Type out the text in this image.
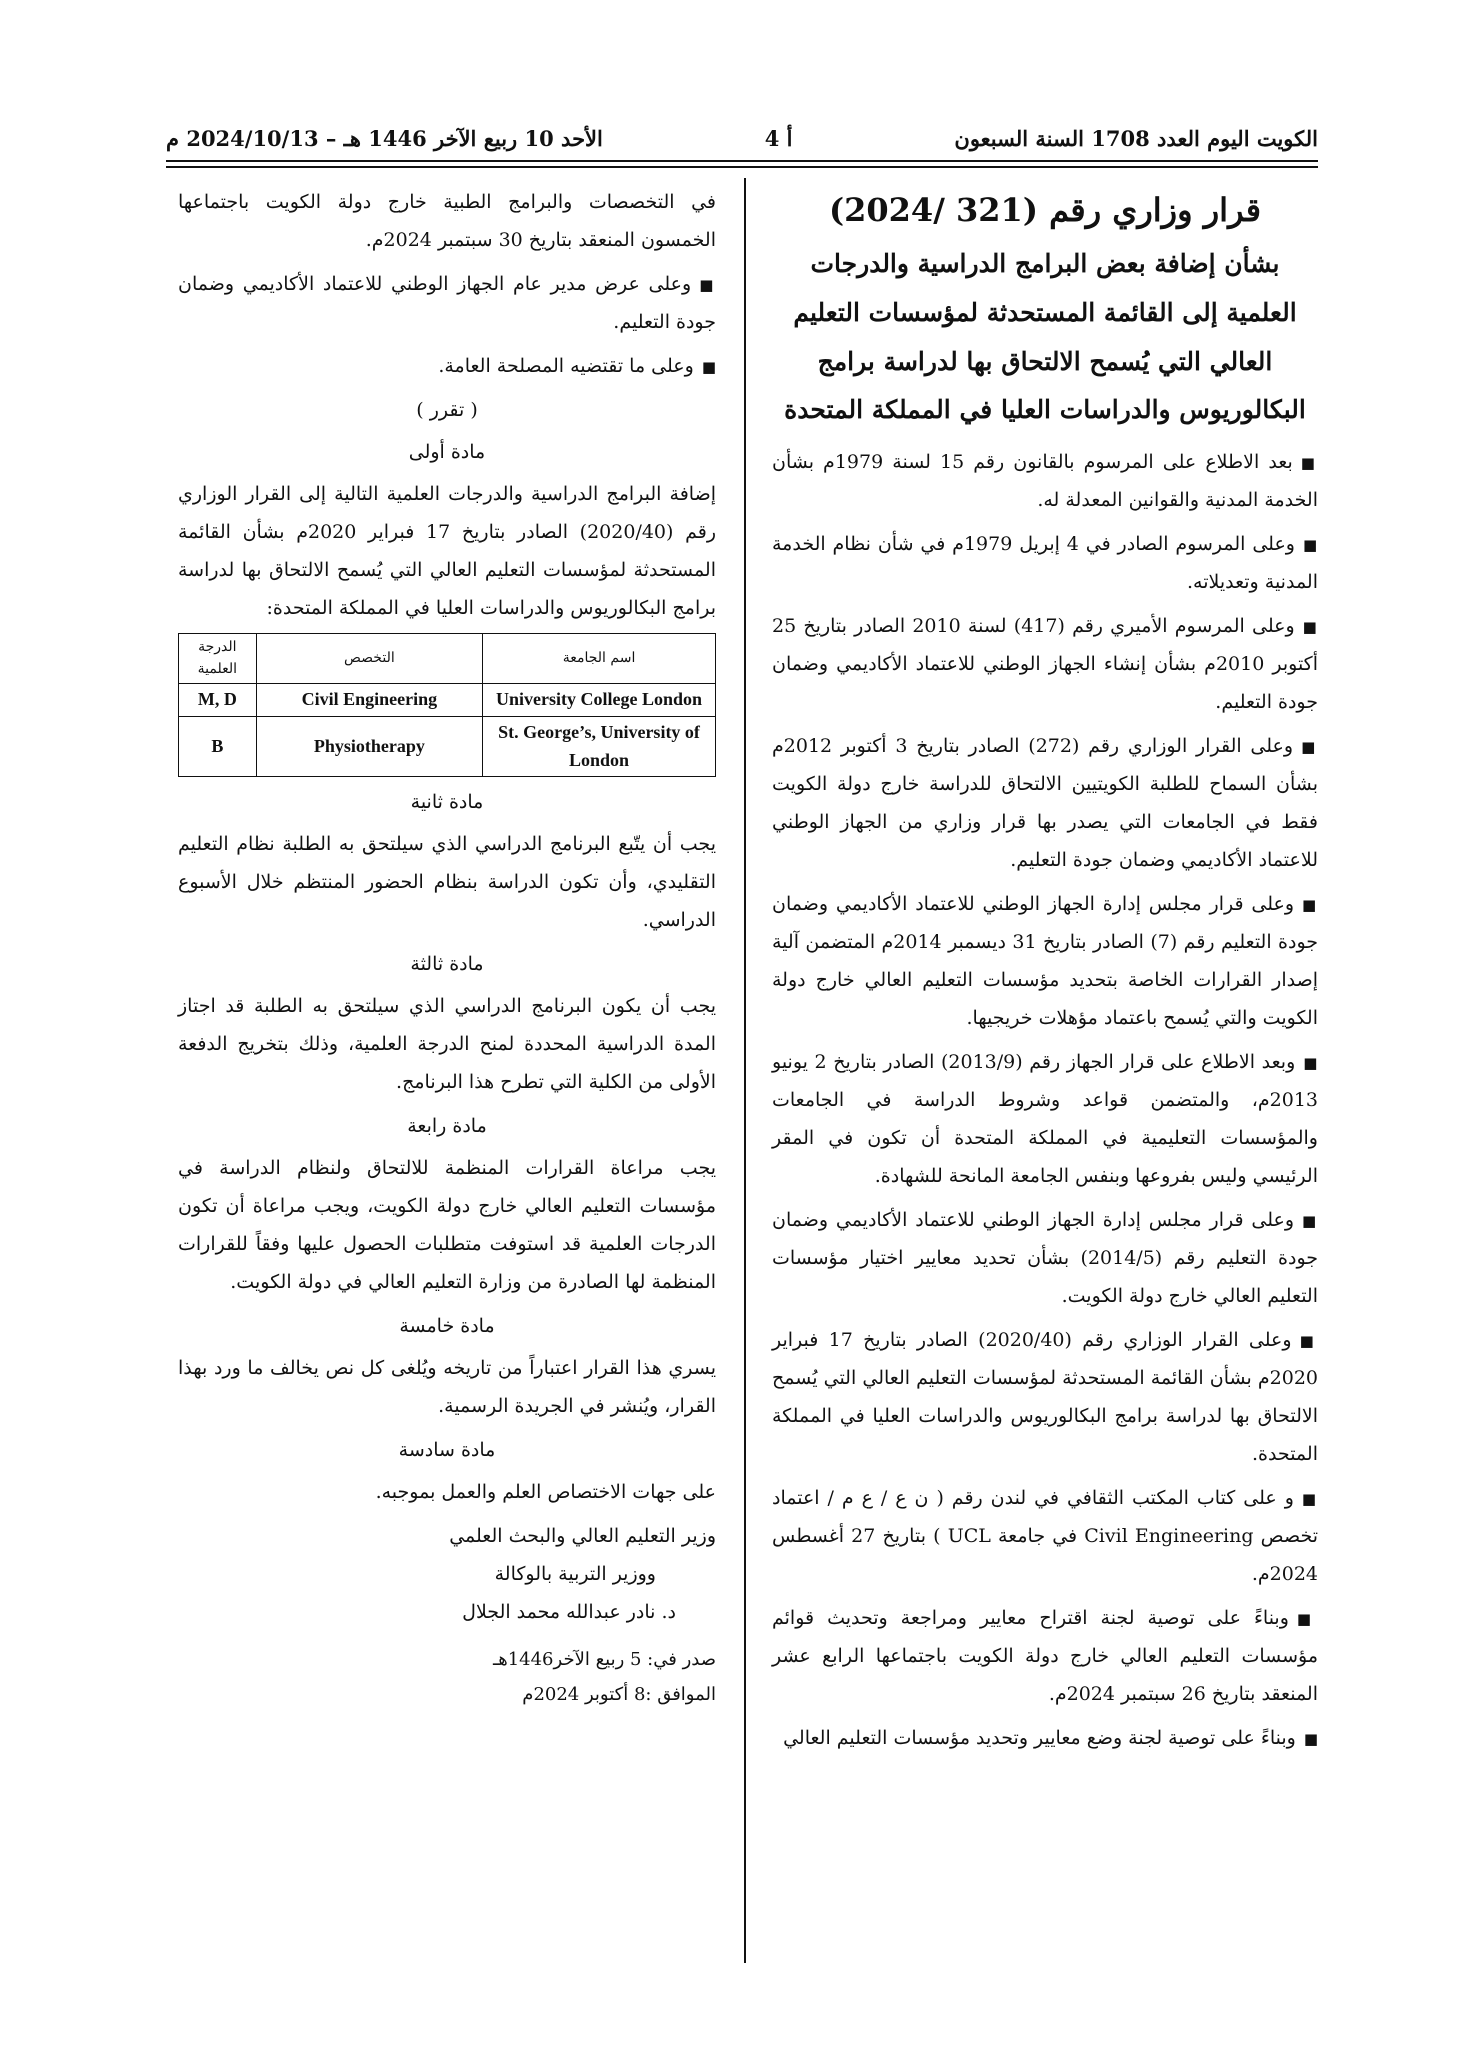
الكويت اليوم العدد 1708 السنة السبعون
أ 4
الأحد 10 ربيع الآخر 1446 هـ – 2024/10/13 م
قرار وزاري رقم (321 /2024)
بشأن إضافة بعض البرامج الدراسية والدرجات العلمية إلى القائمة المستحدثة لمؤسسات التعليم العالي التي يُسمح الالتحاق بها لدراسة برامج البكالوريوس والدراسات العليا في المملكة المتحدة

■بعد الاطلاع على المرسوم بالقانون رقم 15 لسنة 1979م بشأن الخدمة المدنية والقوانين المعدلة له.

■وعلى المرسوم الصادر في 4 إبريل 1979م في شأن نظام الخدمة المدنية وتعديلاته.

■وعلى المرسوم الأميري رقم (417) لسنة 2010 الصادر بتاريخ 25 أكتوبر 2010م بشأن إنشاء الجهاز الوطني للاعتماد الأكاديمي وضمان جودة التعليم.

■وعلى القرار الوزاري رقم (272) الصادر بتاريخ 3 أكتوبر 2012م بشأن السماح للطلبة الكويتيين الالتحاق للدراسة خارج دولة الكويت فقط في الجامعات التي يصدر بها قرار وزاري من الجهاز الوطني للاعتماد الأكاديمي وضمان جودة التعليم.

■وعلى قرار مجلس إدارة الجهاز الوطني للاعتماد الأكاديمي وضمان جودة التعليم رقم (7) الصادر بتاريخ 31 ديسمبر 2014م المتضمن آلية إصدار القرارات الخاصة بتحديد مؤسسات التعليم العالي خارج دولة الكويت والتي يُسمح باعتماد مؤهلات خريجيها.

■وبعد الاطلاع على قرار الجهاز رقم (2013/9) الصادر بتاريخ 2 يونيو 2013م، والمتضمن قواعد وشروط الدراسة في الجامعات والمؤسسات التعليمية في المملكة المتحدة أن تكون في المقر الرئيسي وليس بفروعها وبنفس الجامعة المانحة للشهادة.

■وعلى قرار مجلس إدارة الجهاز الوطني للاعتماد الأكاديمي وضمان جودة التعليم رقم (2014/5) بشأن تحديد معايير اختيار مؤسسات التعليم العالي خارج دولة الكويت.

■وعلى القرار الوزاري رقم (2020/40) الصادر بتاريخ 17 فبراير 2020م بشأن القائمة المستحدثة لمؤسسات التعليم العالي التي يُسمح الالتحاق بها لدراسة برامج البكالوريوس والدراسات العليا في المملكة المتحدة.

■و على كتاب المكتب الثقافي في لندن رقم ( ن ع / ع م / اعتماد تخصص Civil Engineering في جامعة UCL ) بتاريخ 27 أغسطس 2024م.

■وبناءً على توصية لجنة اقتراح معايير ومراجعة وتحديث قوائم مؤسسات التعليم العالي خارج دولة الكويت باجتماعها الرابع عشر المنعقد بتاريخ 26 سبتمبر 2024م.

■وبناءً على توصية لجنة وضع معايير وتحديد مؤسسات التعليم العالي

في التخصصات والبرامج الطبية خارج دولة الكويت باجتماعها الخمسون المنعقد بتاريخ 30 سبتمبر 2024م.

■وعلى عرض مدير عام الجهاز الوطني للاعتماد الأكاديمي وضمان جودة التعليم.

■وعلى ما تقتضيه المصلحة العامة.

( تقرر )
مادة أولى

إضافة البرامج الدراسية والدرجات العلمية التالية إلى القرار الوزاري رقم (2020/40) الصادر بتاريخ 17 فبراير 2020م بشأن القائمة المستحدثة لمؤسسات التعليم العالي التي يُسمح الالتحاق بها لدراسة برامج البكالوريوس والدراسات العليا في المملكة المتحدة:

اسم الجامعة	التخصص	الدرجة العلمية
University College London	Civil Engineering	M, D
St. George’s, University of London	Physiotherapy	B
مادة ثانية

يجب أن يتّبع البرنامج الدراسي الذي سيلتحق به الطلبة نظام التعليم التقليدي، وأن تكون الدراسة بنظام الحضور المنتظم خلال الأسبوع الدراسي.

مادة ثالثة

يجب أن يكون البرنامج الدراسي الذي سيلتحق به الطلبة قد اجتاز المدة الدراسية المحددة لمنح الدرجة العلمية، وذلك بتخريج الدفعة الأولى من الكلية التي تطرح هذا البرنامج.

مادة رابعة

يجب مراعاة القرارات المنظمة للالتحاق ولنظام الدراسة في مؤسسات التعليم العالي خارج دولة الكويت، ويجب مراعاة أن تكون الدرجات العلمية قد استوفت متطلبات الحصول عليها وفقاً للقرارات المنظمة لها الصادرة من وزارة التعليم العالي في دولة الكويت.

مادة خامسة

يسري هذا القرار اعتباراً من تاريخه ويُلغى كل نص يخالف ما ورد بهذا القرار، ويُنشر في الجريدة الرسمية.

مادة سادسة

على جهات الاختصاص العلم والعمل بموجبه.

وزير التعليم العالي والبحث العلمي

ووزير التربية بالوكالة

د. نادر عبدالله محمد الجلال

صدر في: 5 ربيع الآخر1446هـ
الموافق :8 أكتوبر 2024م
